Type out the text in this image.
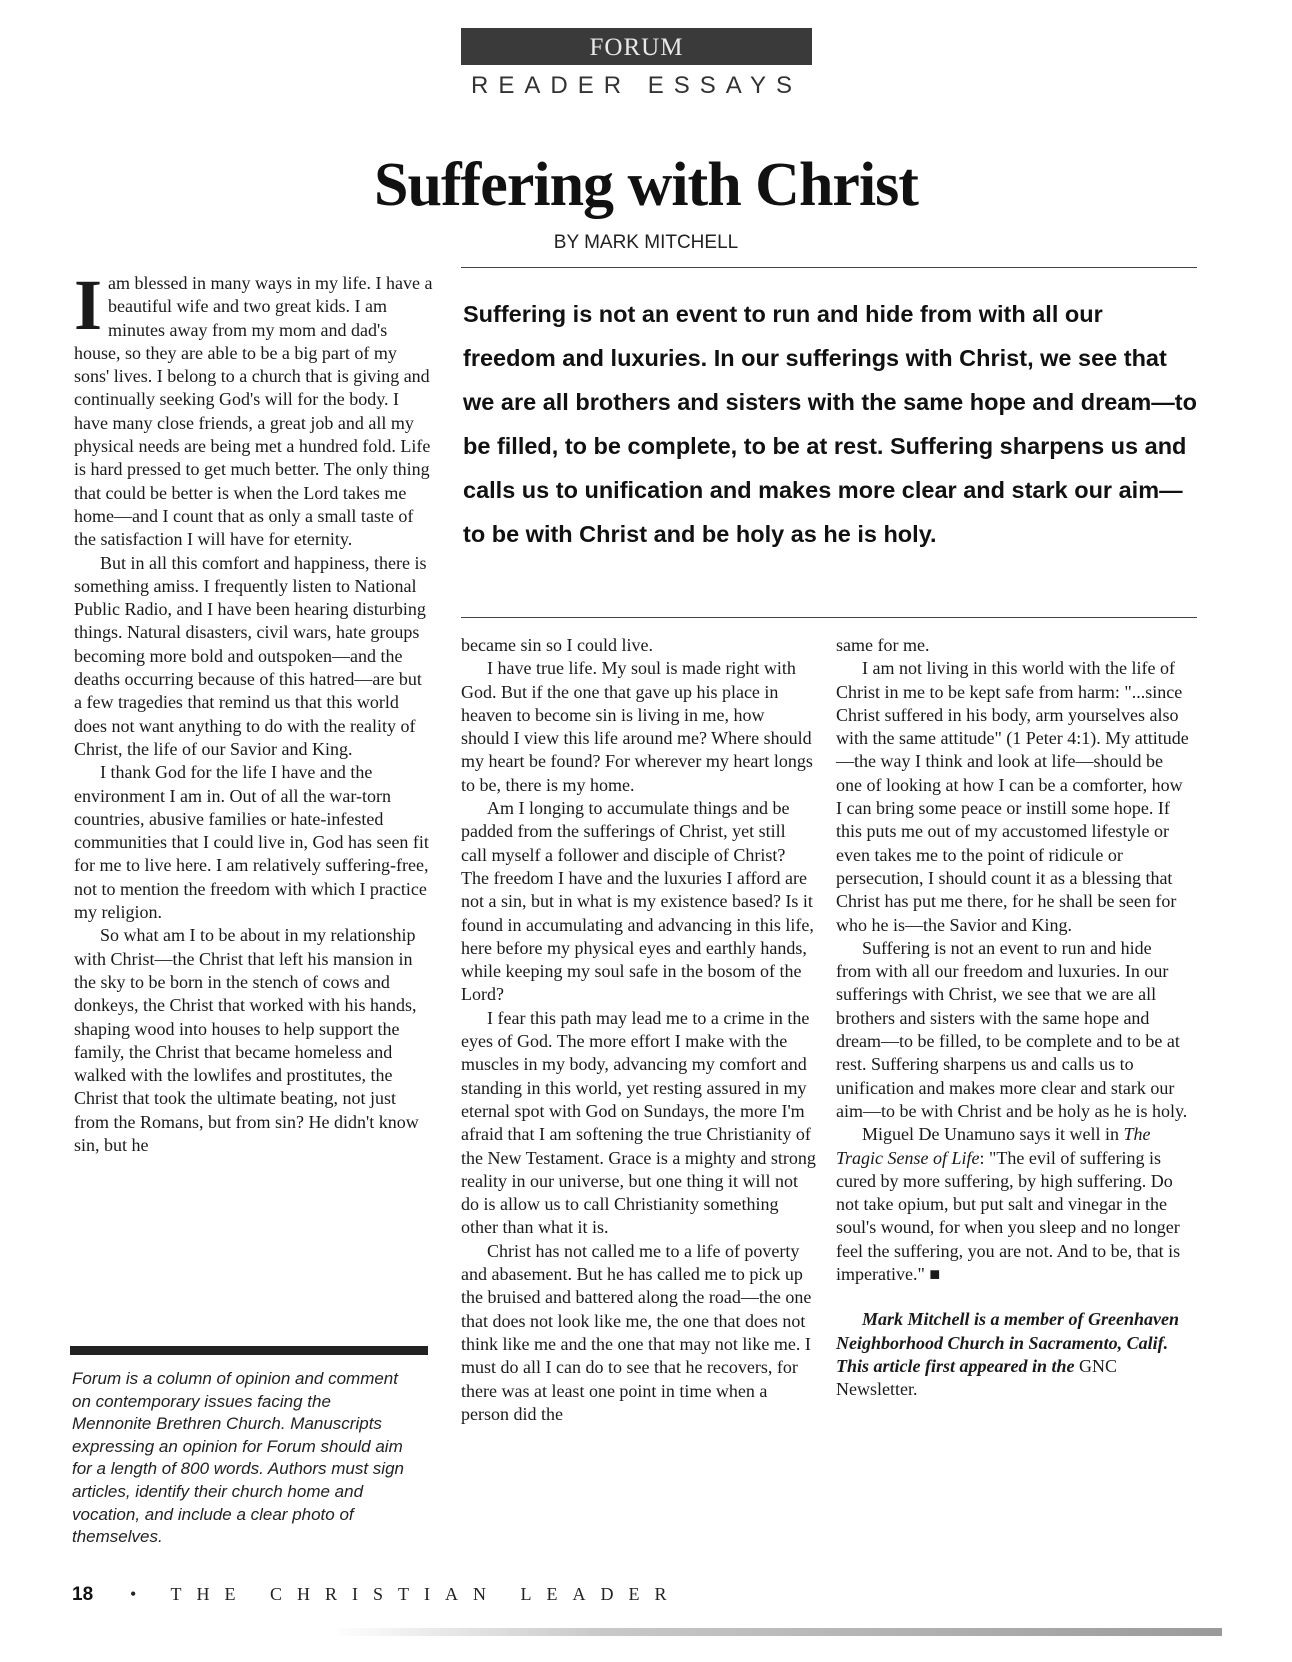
FORUM
READER ESSAYS
Suffering with Christ
BY MARK MITCHELL
Suffering is not an event to run and hide from with all our freedom and luxuries. In our sufferings with Christ, we see that we are all brothers and sisters with the same hope and dream—to be filled, to be complete, to be at rest. Suffering sharpens us and calls us to unification and makes more clear and stark our aim—to be with Christ and be holy as he is holy.

Iam blessed in many ways in my life. I have a beautiful wife and two great kids. I am minutes away from my mom and dad's house, so they are able to be a big part of my sons' lives. I belong to a church that is giving and continually seeking God's will for the body. I have many close friends, a great job and all my physical needs are being met a hundred fold. Life is hard pressed to get much better. The only thing that could be better is when the Lord takes me home—and I count that as only a small taste of the satisfaction I will have for eternity.

But in all this comfort and happiness, there is something amiss. I frequently listen to National Public Radio, and I have been hearing disturbing things. Natural disasters, civil wars, hate groups becoming more bold and outspoken—and the deaths occurring because of this hatred—are but a few tragedies that remind us that this world does not want anything to do with the reality of Christ, the life of our Savior and King.

I thank God for the life I have and the environment I am in. Out of all the war-torn countries, abusive families or hate-infested communities that I could live in, God has seen fit for me to live here. I am relatively suffering-free, not to mention the freedom with which I practice my religion.

So what am I to be about in my relationship with Christ—the Christ that left his mansion in the sky to be born in the stench of cows and donkeys, the Christ that worked with his hands, shaping wood into houses to help support the family, the Christ that became homeless and walked with the lowlifes and prostitutes, the Christ that took the ultimate beating, not just from the Romans, but from sin? He didn't know sin, but he

Forum is a column of opinion and comment on contemporary issues facing the Mennonite Brethren Church. Manuscripts expressing an opinion for Forum should aim for a length of 800 words. Authors must sign articles, identify their church home and vocation, and include a clear photo of themselves.

became sin so I could live.

I have true life. My soul is made right with God. But if the one that gave up his place in heaven to become sin is living in me, how should I view this life around me? Where should my heart be found? For wherever my heart longs to be, there is my home.

Am I longing to accumulate things and be padded from the sufferings of Christ, yet still call myself a follower and disciple of Christ? The freedom I have and the luxuries I afford are not a sin, but in what is my existence based? Is it found in accumulating and advancing in this life, here before my physical eyes and earthly hands, while keeping my soul safe in the bosom of the Lord?

I fear this path may lead me to a crime in the eyes of God. The more effort I make with the muscles in my body, advancing my comfort and standing in this world, yet resting assured in my eternal spot with God on Sundays, the more I'm afraid that I am softening the true Christianity of the New Testament. Grace is a mighty and strong reality in our universe, but one thing it will not do is allow us to call Christianity something other than what it is.

Christ has not called me to a life of poverty and abasement. But he has called me to pick up the bruised and battered along the road—the one that does not look like me, the one that does not think like me and the one that may not like me. I must do all I can do to see that he recovers, for there was at least one point in time when a person did the

same for me.

I am not living in this world with the life of Christ in me to be kept safe from harm: "...since Christ suffered in his body, arm yourselves also with the same attitude" (1 Peter 4:1). My attitude—the way I think and look at life—should be one of looking at how I can be a comforter, how I can bring some peace or instill some hope. If this puts me out of my accustomed lifestyle or even takes me to the point of ridicule or persecution, I should count it as a blessing that Christ has put me there, for he shall be seen for who he is—the Savior and King.

Suffering is not an event to run and hide from with all our freedom and luxuries. In our sufferings with Christ, we see that we are all brothers and sisters with the same hope and dream—to be filled, to be complete and to be at rest. Suffering sharpens us and calls us to unification and makes more clear and stark our aim—to be with Christ and be holy as he is holy.

Miguel De Unamuno says it well in The Tragic Sense of Life: "The evil of suffering is cured by more suffering, by high suffering. Do not take opium, but put salt and vinegar in the soul's wound, for when you sleep and no longer feel the suffering, you are not. And to be, that is imperative." ■

Mark Mitchell is a member of Greenhaven Neighborhood Church in Sacramento, Calif. This article first appeared in the GNC Newsletter.

18 • THE CHRISTIAN LEADER
